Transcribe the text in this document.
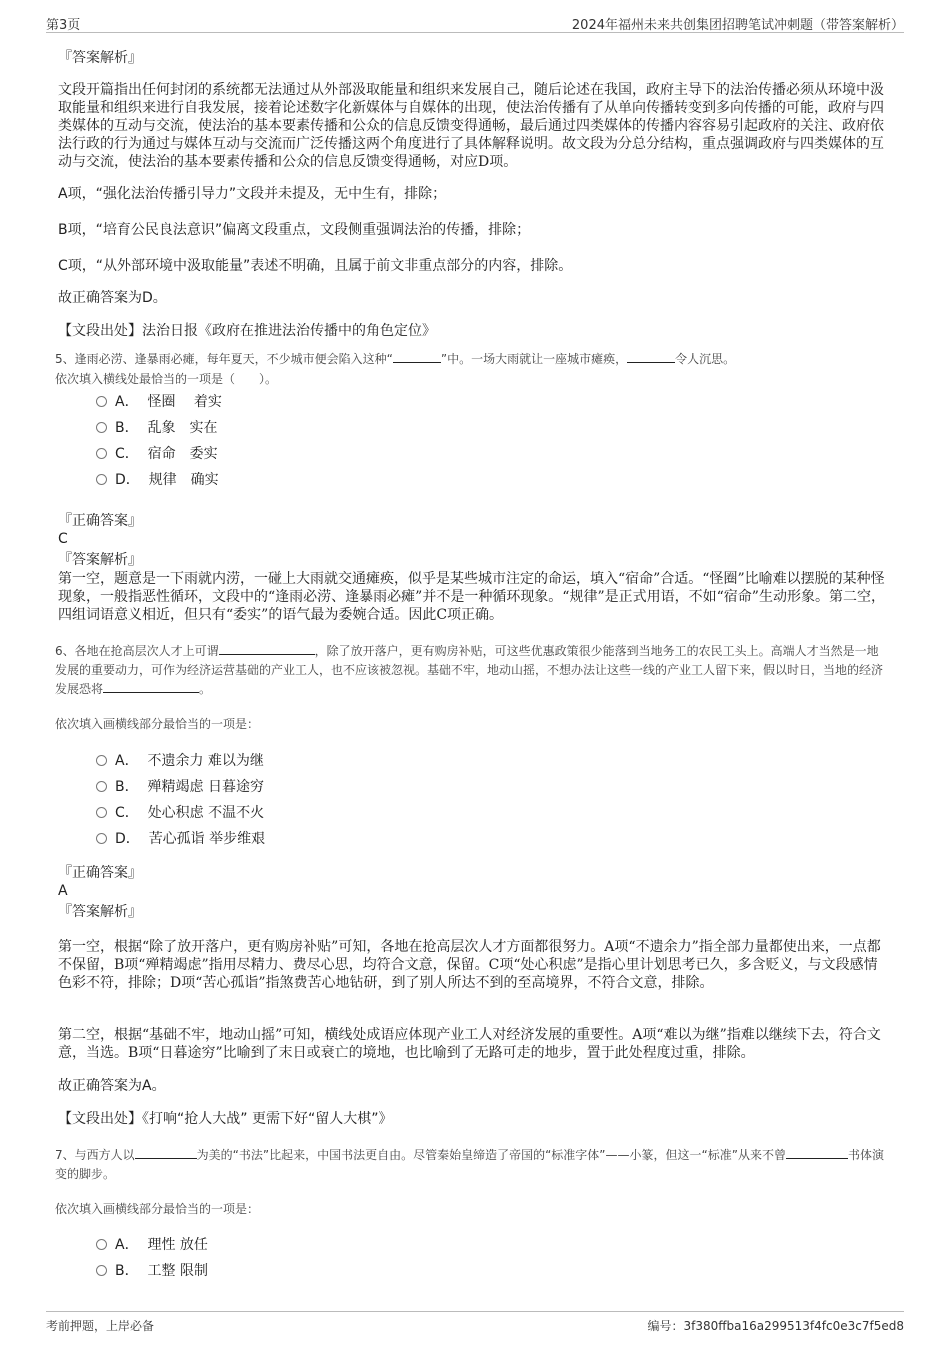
第3页	2024年福州未来共创集团招聘笔试冲刺题（带答案解析）

『答案解析』

文段开篇指出任何封闭的系统都无法通过从外部汲取能量和组织来发展自己，随后论述在我国，政府主导下的法治传播必须从环境中汲取能量和组织来进行自我发展，接着论述数字化新媒体与自媒体的出现，使法治传播有了从单向传播转变到多向传播的可能，政府与四类媒体的互动与交流，使法治的基本要素传播和公众的信息反馈变得通畅，最后通过四类媒体的传播内容容易引起政府的关注、政府依法行政的行为通过与媒体互动与交流而广泛传播这两个角度进行了具体解释说明。故文段为分总分结构，重点强调政府与四类媒体的互动与交流，使法治的基本要素传播和公众的信息反馈变得通畅，对应D项。

A项，“强化法治传播引导力”文段并未提及，无中生有，排除；

B项，“培育公民良法意识”偏离文段重点，文段侧重强调法治的传播，排除；

C项，“从外部环境中汲取能量”表述不明确，且属于前文非重点部分的内容，排除。

故正确答案为D。

【文段出处】法治日报《政府在推进法治传播中的角色定位》

5、逢雨必涝、逢暴雨必瘫，每年夏天，不少城市便会陷入这种“	”中。一场大雨就让一座城市瘫痪，	令人沉思。

依次填入横线处最恰当的一项是（　　）。

A． 怪圈　 着实
B． 乱象　实在
C． 宿命　委实
D． 规律　确实

『正确答案』

C

『答案解析』

第一空，题意是一下雨就内涝，一碰上大雨就交通瘫痪，似乎是某些城市注定的命运，填入“宿命”合适。“怪圈”比喻难以摆脱的某种怪现象，一般指恶性循环，文段中的“逢雨必涝、逢暴雨必瘫”并不是一种循环现象。“规律”是正式用语，不如“宿命”生动形象。第二空，四组词语意义相近，但只有“委实”的语气最为委婉合适。因此C项正确。

6、各地在抢高层次人才上可谓	，除了放开落户，更有购房补贴，可这些优惠政策很少能落到当地务工的农民工头上。高端人才当然是一地发展的重要动力，可作为经济运营基础的产业工人，也不应该被忽视。基础不牢，地动山摇，不想办法让这些一线的产业工人留下来，假以时日，当地的经济发展恐将	。

依次填入画横线部分最恰当的一项是：

A． 不遗余力 难以为继
B． 殚精竭虑 日暮途穷
C． 处心积虑 不温不火
D． 苦心孤诣 举步维艰

『正确答案』

A

『答案解析』

第一空，根据“除了放开落户，更有购房补贴”可知，各地在抢高层次人才方面都很努力。A项“不遗余力”指全部力量都使出来，一点都不保留，B项“殚精竭虑”指用尽精力、费尽心思，均符合文意，保留。C项“处心积虑”是指心里计划思考已久，多含贬义，与文段感情色彩不符，排除；D项“苦心孤诣”指煞费苦心地钻研，到了别人所达不到的至高境界，不符合文意，排除。

第二空，根据“基础不牢，地动山摇”可知，横线处成语应体现产业工人对经济发展的重要性。A项“难以为继”指难以继续下去，符合文意，当选。B项“日暮途穷”比喻到了末日或衰亡的境地，也比喻到了无路可走的地步，置于此处程度过重，排除。

故正确答案为A。

【文段出处】《打响“抢人大战” 更需下好“留人大棋”》

7、与西方人以	为美的“书法”比起来，中国书法更自由。尽管秦始皇缔造了帝国的“标准字体”——小篆，但这一“标准”从来不曾	书体演变的脚步。

依次填入画横线部分最恰当的一项是：

A． 理性 放任
B． 工整 限制
考前押题，上岸必备	编号：3f380ffba16a299513f4fc0e3c7f5ed8
